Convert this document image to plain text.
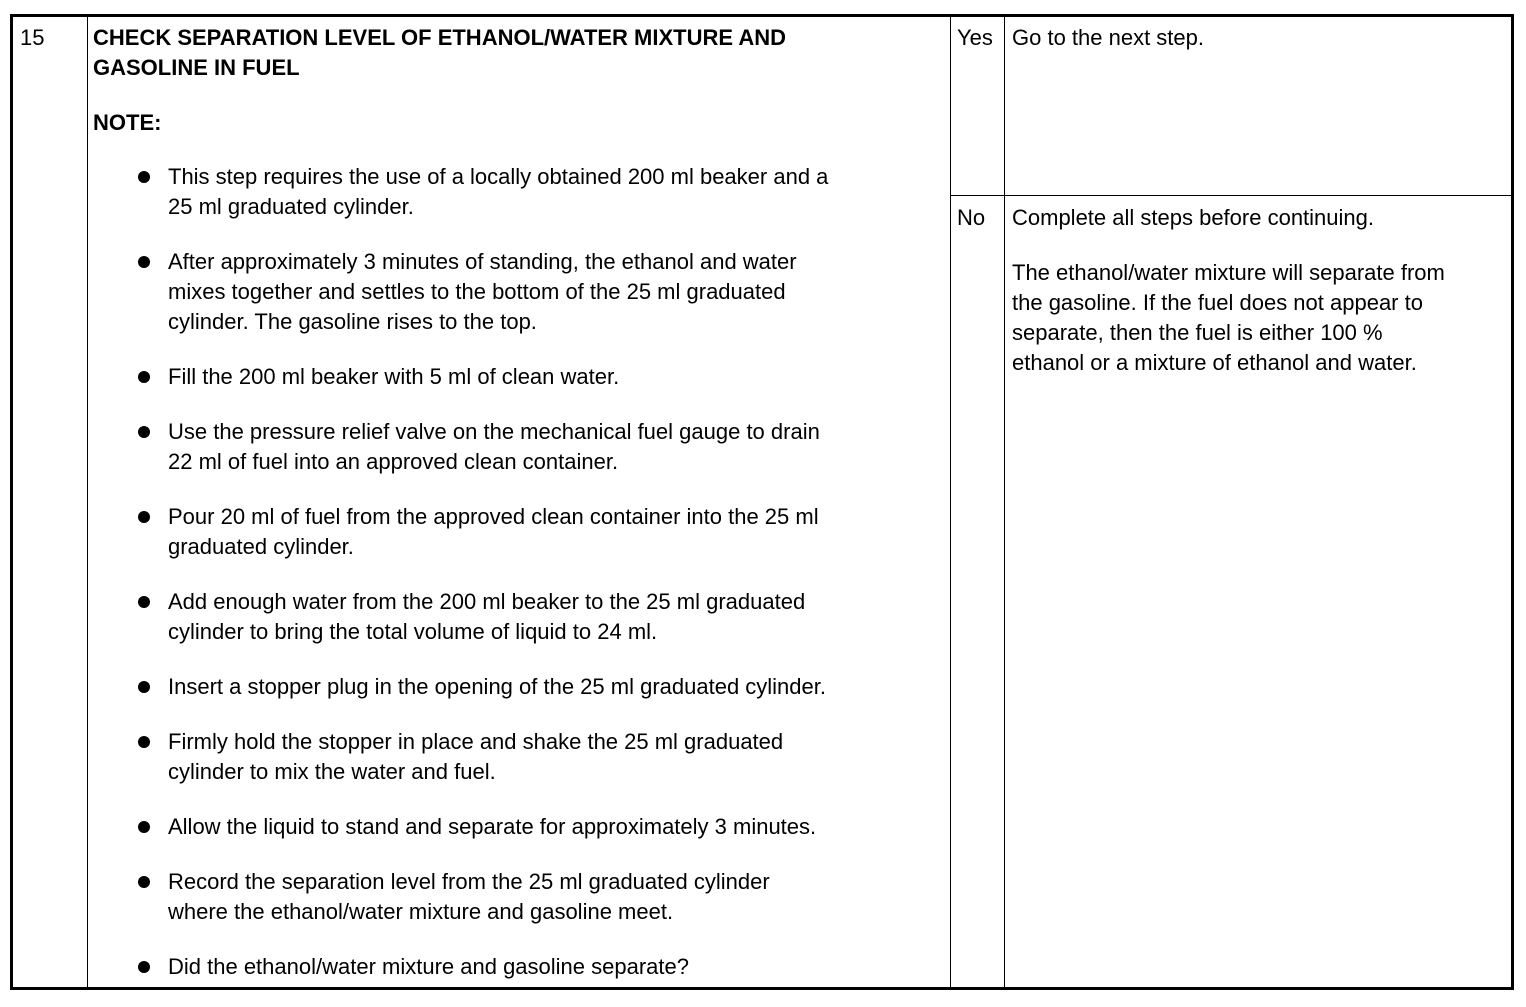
15 CHECK SEPARATION LEVEL OF ETHANOL/WATER MIXTURE AND
GASOLINE IN FUEL
NOTE:
This step requires the use of a locally obtained 200 ml beaker and a
25 ml graduated cylinder.
After approximately 3 minutes of standing, the ethanol and water
mixes together and settles to the bottom of the 25 ml graduated
cylinder. The gasoline rises to the top.
Fill the 200 ml beaker with 5 ml of clean water.
Use the pressure relief valve on the mechanical fuel gauge to drain
22 ml of fuel into an approved clean container.
Pour 20 ml of fuel from the approved clean container into the 25 ml
graduated cylinder.
Add enough water from the 200 ml beaker to the 25 ml graduated
cylinder to bring the total volume of liquid to 24 ml.
Insert a stopper plug in the opening of the 25 ml graduated cylinder.
Firmly hold the stopper in place and shake the 25 ml graduated
cylinder to mix the water and fuel.
Allow the liquid to stand and separate for approximately 3 minutes.
Record the separation level from the 25 ml graduated cylinder
where the ethanol/water mixture and gasoline meet.
Did the ethanol/water mixture and gasoline separate?
Yes Go to the next step.
No Complete all steps before continuing.
The ethanol/water mixture will separate from
the gasoline. If the fuel does not appear to
separate, then the fuel is either 100 %
ethanol or a mixture of ethanol and water.
